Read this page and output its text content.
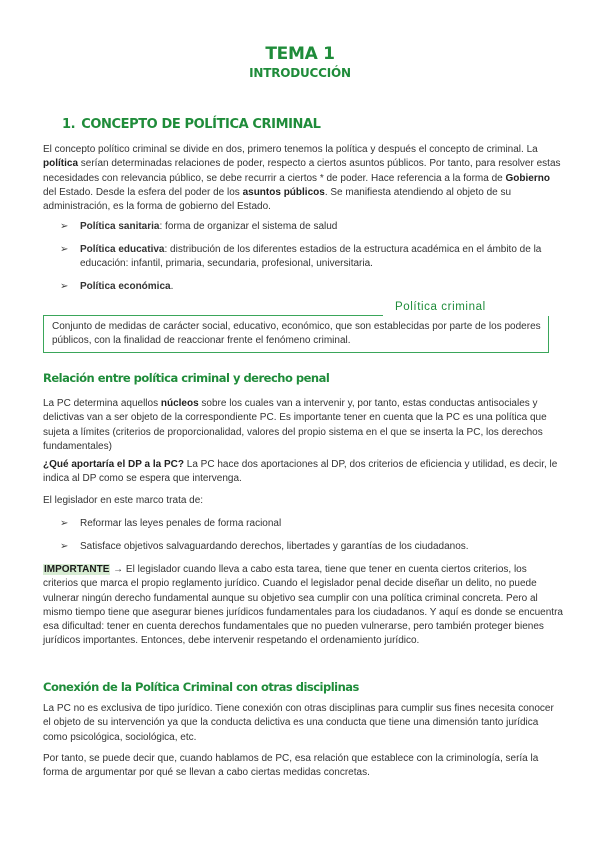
TEMA 1
INTRODUCCIÓN
1. CONCEPTO DE POLÍTICA CRIMINAL
El concepto político criminal se divide en dos, primero tenemos la política y después el concepto de criminal. La política serían determinadas relaciones de poder, respecto a ciertos asuntos públicos. Por tanto, para resolver estas necesidades con relevancia público, se debe recurrir a ciertos * de poder. Hace referencia a la forma de Gobierno del Estado. Desde la esfera del poder de los asuntos públicos. Se manifiesta atendiendo al objeto de su administración, es la forma de gobierno del Estado.
➢ Política sanitaria: forma de organizar el sistema de salud
➢ Política educativa: distribución de los diferentes estadios de la estructura académica en el ámbito de la educación: infantil, primaria, secundaria, profesional, universitaria.
➢ Política económica.
Conjunto de medidas de carácter social, educativo, económico, que son establecidas por parte de los poderes públicos, con la finalidad de reaccionar frente el fenómeno criminal.
Política criminal
Relación entre política criminal y derecho penal
La PC determina aquellos núcleos sobre los cuales van a intervenir y, por tanto, estas conductas antisociales y delictivas van a ser objeto de la correspondiente PC. Es importante tener en cuenta que la PC es una política que sujeta a límites (criterios de proporcionalidad, valores del propio sistema en el que se inserta la PC, los derechos fundamentales)
¿Qué aportaría el DP a la PC? La PC hace dos aportaciones al DP, dos criterios de eficiencia y utilidad, es decir, le indica al DP como se espera que intervenga.
El legislador en este marco trata de:
➢ Reformar las leyes penales de forma racional
➢ Satisface objetivos salvaguardando derechos, libertades y garantías de los ciudadanos.
IMPORTANTE → El legislador cuando lleva a cabo esta tarea, tiene que tener en cuenta ciertos criterios, los criterios que marca el propio reglamento jurídico. Cuando el legislador penal decide diseñar un delito, no puede vulnerar ningún derecho fundamental aunque su objetivo sea cumplir con una política criminal concreta. Pero al mismo tiempo tiene que asegurar bienes jurídicos fundamentales para los ciudadanos. Y aquí es donde se encuentra esa dificultad: tener en cuenta derechos fundamentales que no pueden vulnerarse, pero también proteger bienes jurídicos importantes. Entonces, debe intervenir respetando el ordenamiento jurídico.
Conexión de la Política Criminal con otras disciplinas
La PC no es exclusiva de tipo jurídico. Tiene conexión con otras disciplinas para cumplir sus fines necesita conocer el objeto de su intervención ya que la conducta delictiva es una conducta que tiene una dimensión tanto jurídica como psicológica, sociológica, etc.
Por tanto, se puede decir que, cuando hablamos de PC, esa relación que establece con la criminología, sería la forma de argumentar por qué se llevan a cabo ciertas medidas concretas.
